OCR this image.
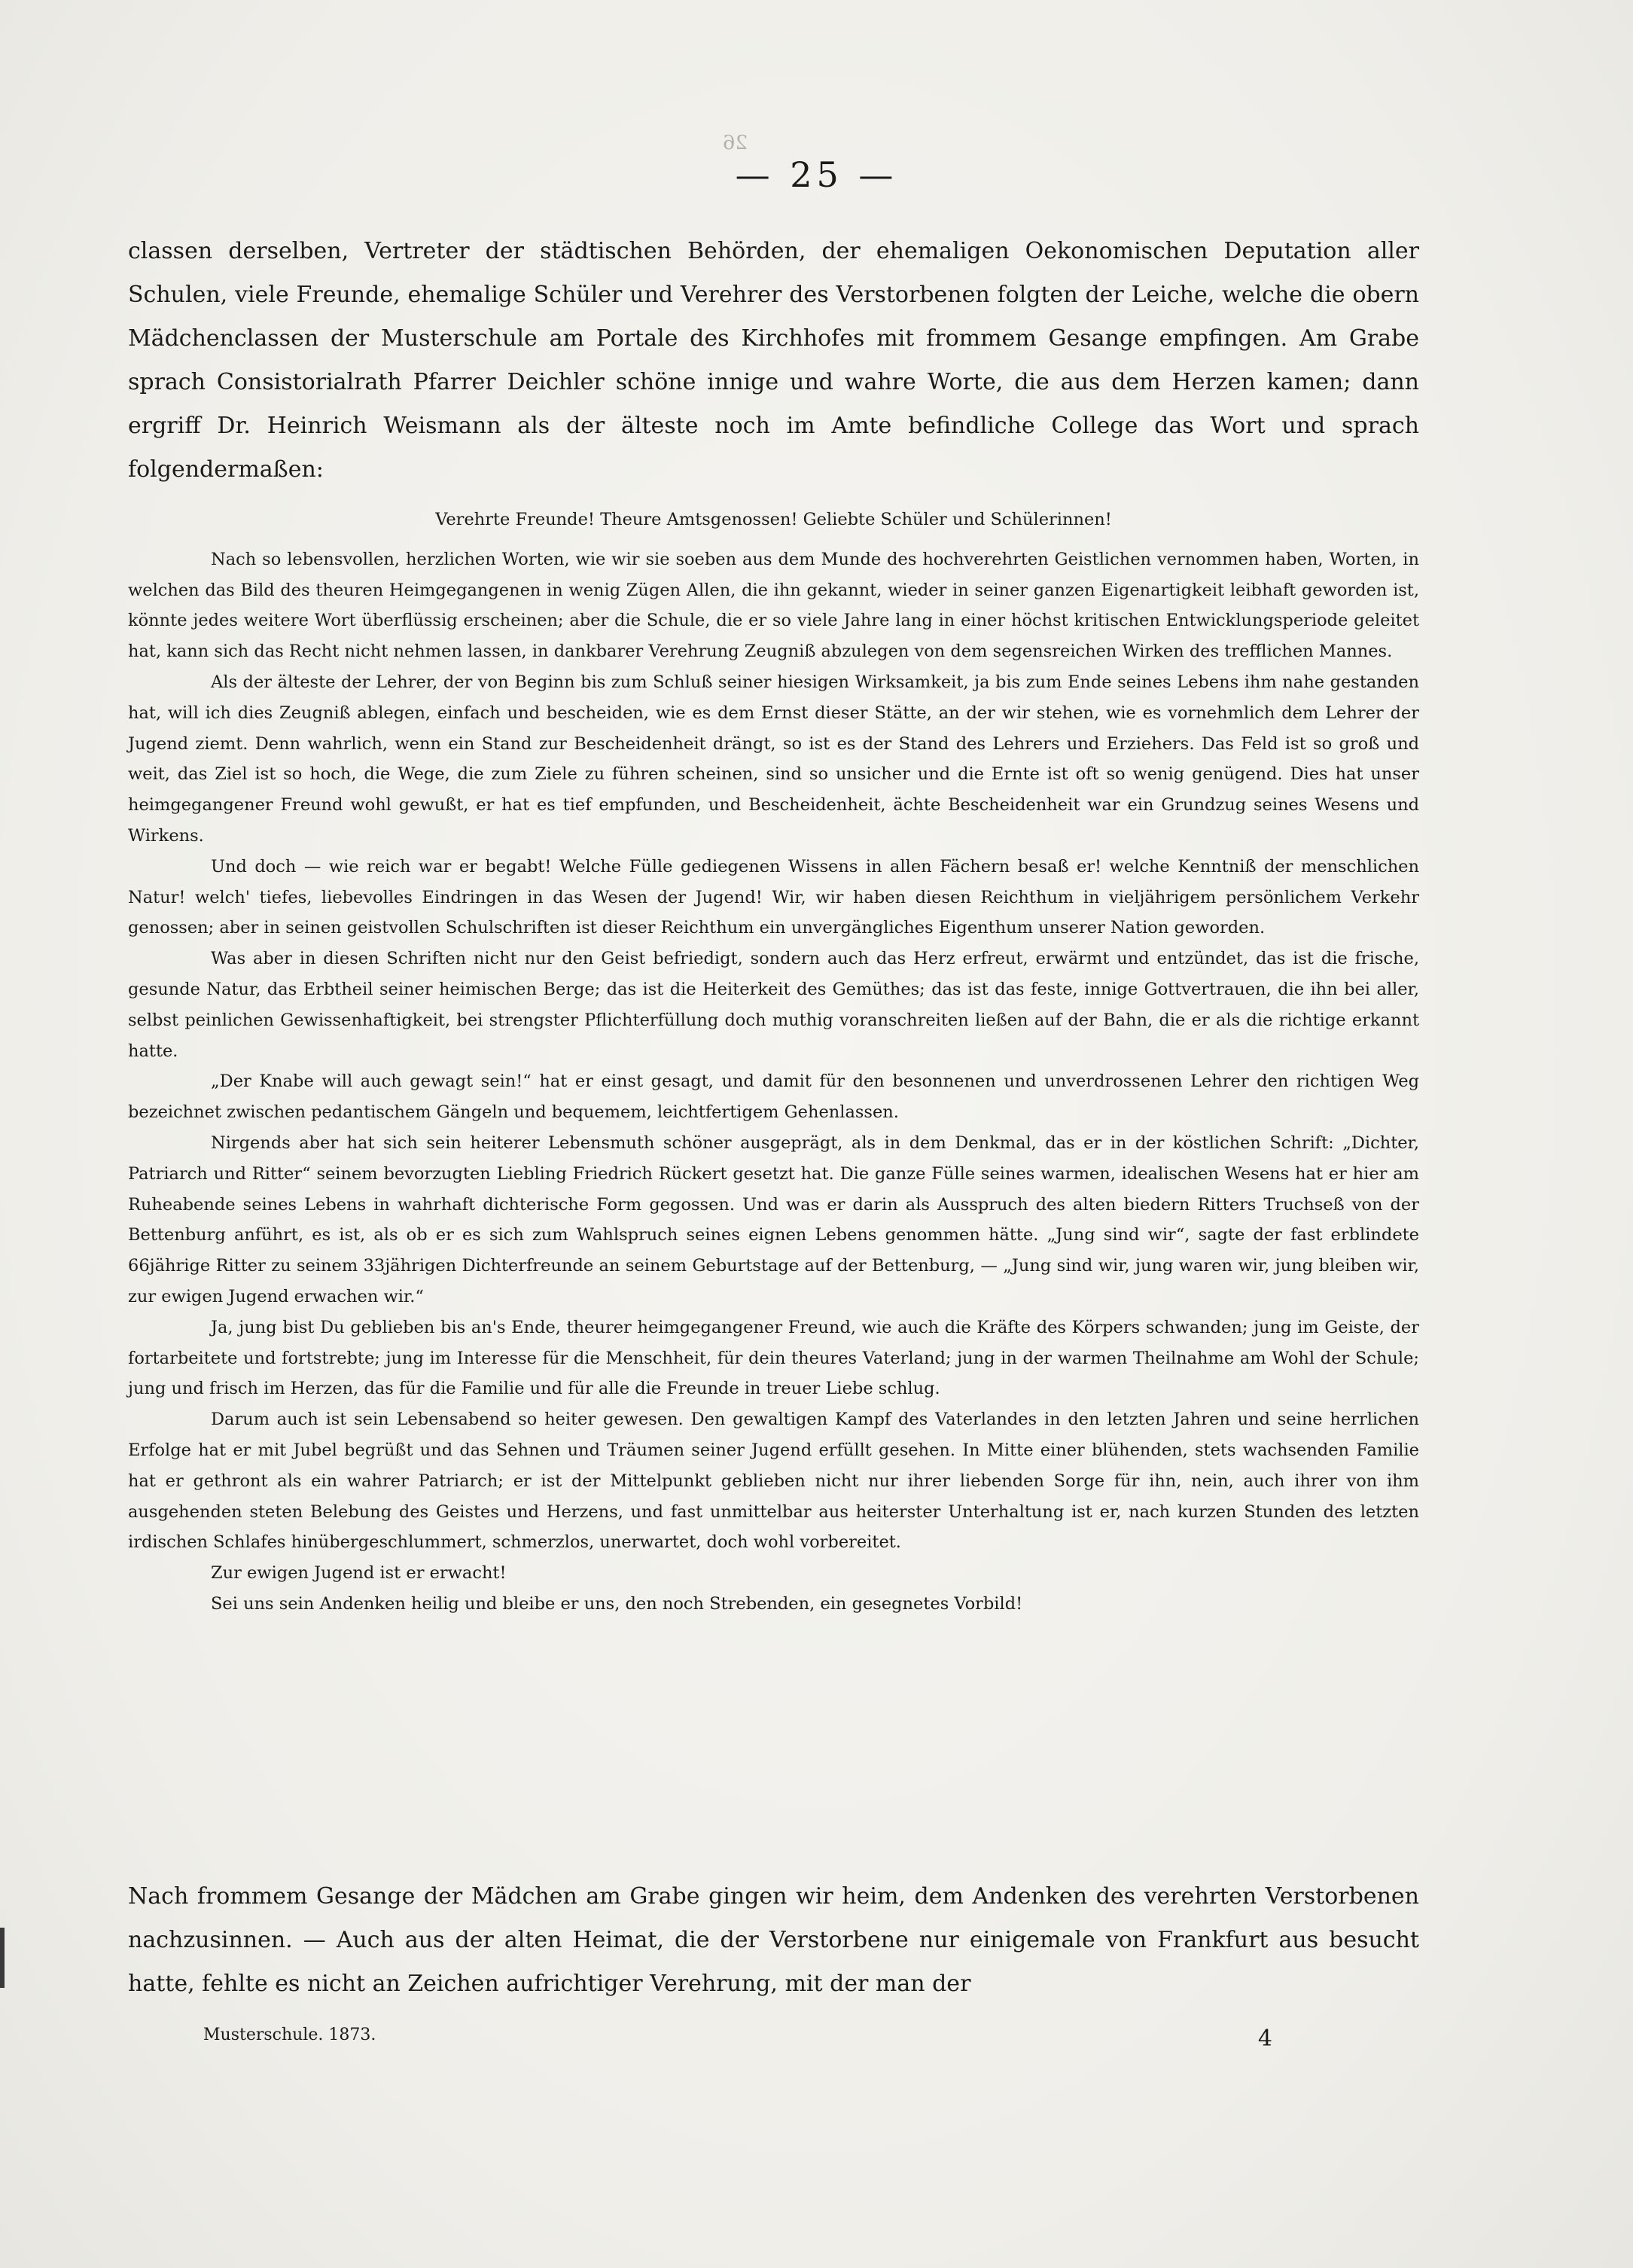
26
— 25 —
classen derselben, Vertreter der städtischen Behörden, der ehemaligen Oekonomischen Deputation aller Schulen, viele Freunde, ehemalige Schüler und Verehrer des Verstorbenen folgten der Leiche, welche die obern Mädchenclassen der Musterschule am Portale des Kirchhofes mit frommem Gesange empfingen. Am Grabe sprach Consistorialrath Pfarrer Deichler schöne innige und wahre Worte, die aus dem Herzen kamen; dann ergriff Dr. Heinrich Weismann als der älteste noch im Amte befindliche College das Wort und sprach folgendermaßen:

Verehrte Freunde! Theure Amtsgenossen! Geliebte Schüler und Schülerinnen!

Nach so lebensvollen, herzlichen Worten, wie wir sie soeben aus dem Munde des hochverehrten Geistlichen vernommen haben, Worten, in welchen das Bild des theuren Heimgegangenen in wenig Zügen Allen, die ihn gekannt, wieder in seiner ganzen Eigenartigkeit leibhaft geworden ist, könnte jedes weitere Wort überflüssig erscheinen; aber die Schule, die er so viele Jahre lang in einer höchst kritischen Entwicklungsperiode geleitet hat, kann sich das Recht nicht nehmen lassen, in dankbarer Verehrung Zeugniß abzulegen von dem segensreichen Wirken des trefflichen Mannes.

Als der älteste der Lehrer, der von Beginn bis zum Schluß seiner hiesigen Wirksamkeit, ja bis zum Ende seines Lebens ihm nahe gestanden hat, will ich dies Zeugniß ablegen, einfach und bescheiden, wie es dem Ernst dieser Stätte, an der wir stehen, wie es vornehmlich dem Lehrer der Jugend ziemt. Denn wahrlich, wenn ein Stand zur Bescheidenheit drängt, so ist es der Stand des Lehrers und Erziehers. Das Feld ist so groß und weit, das Ziel ist so hoch, die Wege, die zum Ziele zu führen scheinen, sind so unsicher und die Ernte ist oft so wenig genügend. Dies hat unser heimgegangener Freund wohl gewußt, er hat es tief empfunden, und Bescheidenheit, ächte Bescheidenheit war ein Grundzug seines Wesens und Wirkens.

Und doch — wie reich war er begabt! Welche Fülle gediegenen Wissens in allen Fächern besaß er! welche Kenntniß der menschlichen Natur! welch' tiefes, liebevolles Eindringen in das Wesen der Jugend! Wir, wir haben diesen Reichthum in vieljährigem persönlichem Verkehr genossen; aber in seinen geistvollen Schulschriften ist dieser Reichthum ein unvergängliches Eigenthum unserer Nation geworden.

Was aber in diesen Schriften nicht nur den Geist befriedigt, sondern auch das Herz erfreut, erwärmt und entzündet, das ist die frische, gesunde Natur, das Erbtheil seiner heimischen Berge; das ist die Heiterkeit des Gemüthes; das ist das feste, innige Gottvertrauen, die ihn bei aller, selbst peinlichen Gewissenhaftigkeit, bei strengster Pflichterfüllung doch muthig voranschreiten ließen auf der Bahn, die er als die richtige erkannt hatte.

„Der Knabe will auch gewagt sein!“ hat er einst gesagt, und damit für den besonnenen und unverdrossenen Lehrer den richtigen Weg bezeichnet zwischen pedantischem Gängeln und bequemem, leichtfertigem Gehenlassen.

Nirgends aber hat sich sein heiterer Lebensmuth schöner ausgeprägt, als in dem Denkmal, das er in der köstlichen Schrift: „Dichter, Patriarch und Ritter“ seinem bevorzugten Liebling Friedrich Rückert gesetzt hat. Die ganze Fülle seines warmen, idealischen Wesens hat er hier am Ruheabende seines Lebens in wahrhaft dichterische Form gegossen. Und was er darin als Ausspruch des alten biedern Ritters Truchseß von der Bettenburg anführt, es ist, als ob er es sich zum Wahlspruch seines eignen Lebens genommen hätte. „Jung sind wir“, sagte der fast erblindete 66jährige Ritter zu seinem 33jährigen Dichterfreunde an seinem Geburtstage auf der Bettenburg, — „Jung sind wir, jung waren wir, jung bleiben wir, zur ewigen Jugend erwachen wir.“

Ja, jung bist Du geblieben bis an's Ende, theurer heimgegangener Freund, wie auch die Kräfte des Körpers schwanden; jung im Geiste, der fortarbeitete und fortstrebte; jung im Interesse für die Menschheit, für dein theures Vaterland; jung in der warmen Theilnahme am Wohl der Schule; jung und frisch im Herzen, das für die Familie und für alle die Freunde in treuer Liebe schlug.

Darum auch ist sein Lebensabend so heiter gewesen. Den gewaltigen Kampf des Vaterlandes in den letzten Jahren und seine herrlichen Erfolge hat er mit Jubel begrüßt und das Sehnen und Träumen seiner Jugend erfüllt gesehen. In Mitte einer blühenden, stets wachsenden Familie hat er gethront als ein wahrer Patriarch; er ist der Mittelpunkt geblieben nicht nur ihrer liebenden Sorge für ihn, nein, auch ihrer von ihm ausgehenden steten Belebung des Geistes und Herzens, und fast unmittelbar aus heiterster Unterhaltung ist er, nach kurzen Stunden des letzten irdischen Schlafes hinübergeschlummert, schmerzlos, unerwartet, doch wohl vorbereitet.

Zur ewigen Jugend ist er erwacht!

Sei uns sein Andenken heilig und bleibe er uns, den noch Strebenden, ein gesegnetes Vorbild!

Nach frommem Gesange der Mädchen am Grabe gingen wir heim, dem Andenken des verehrten Verstorbenen nachzusinnen. — Auch aus der alten Heimat, die der Verstorbene nur einigemale von Frankfurt aus besucht hatte, fehlte es nicht an Zeichen aufrichtiger Verehrung, mit der man der
Musterschule. 1873.	4
